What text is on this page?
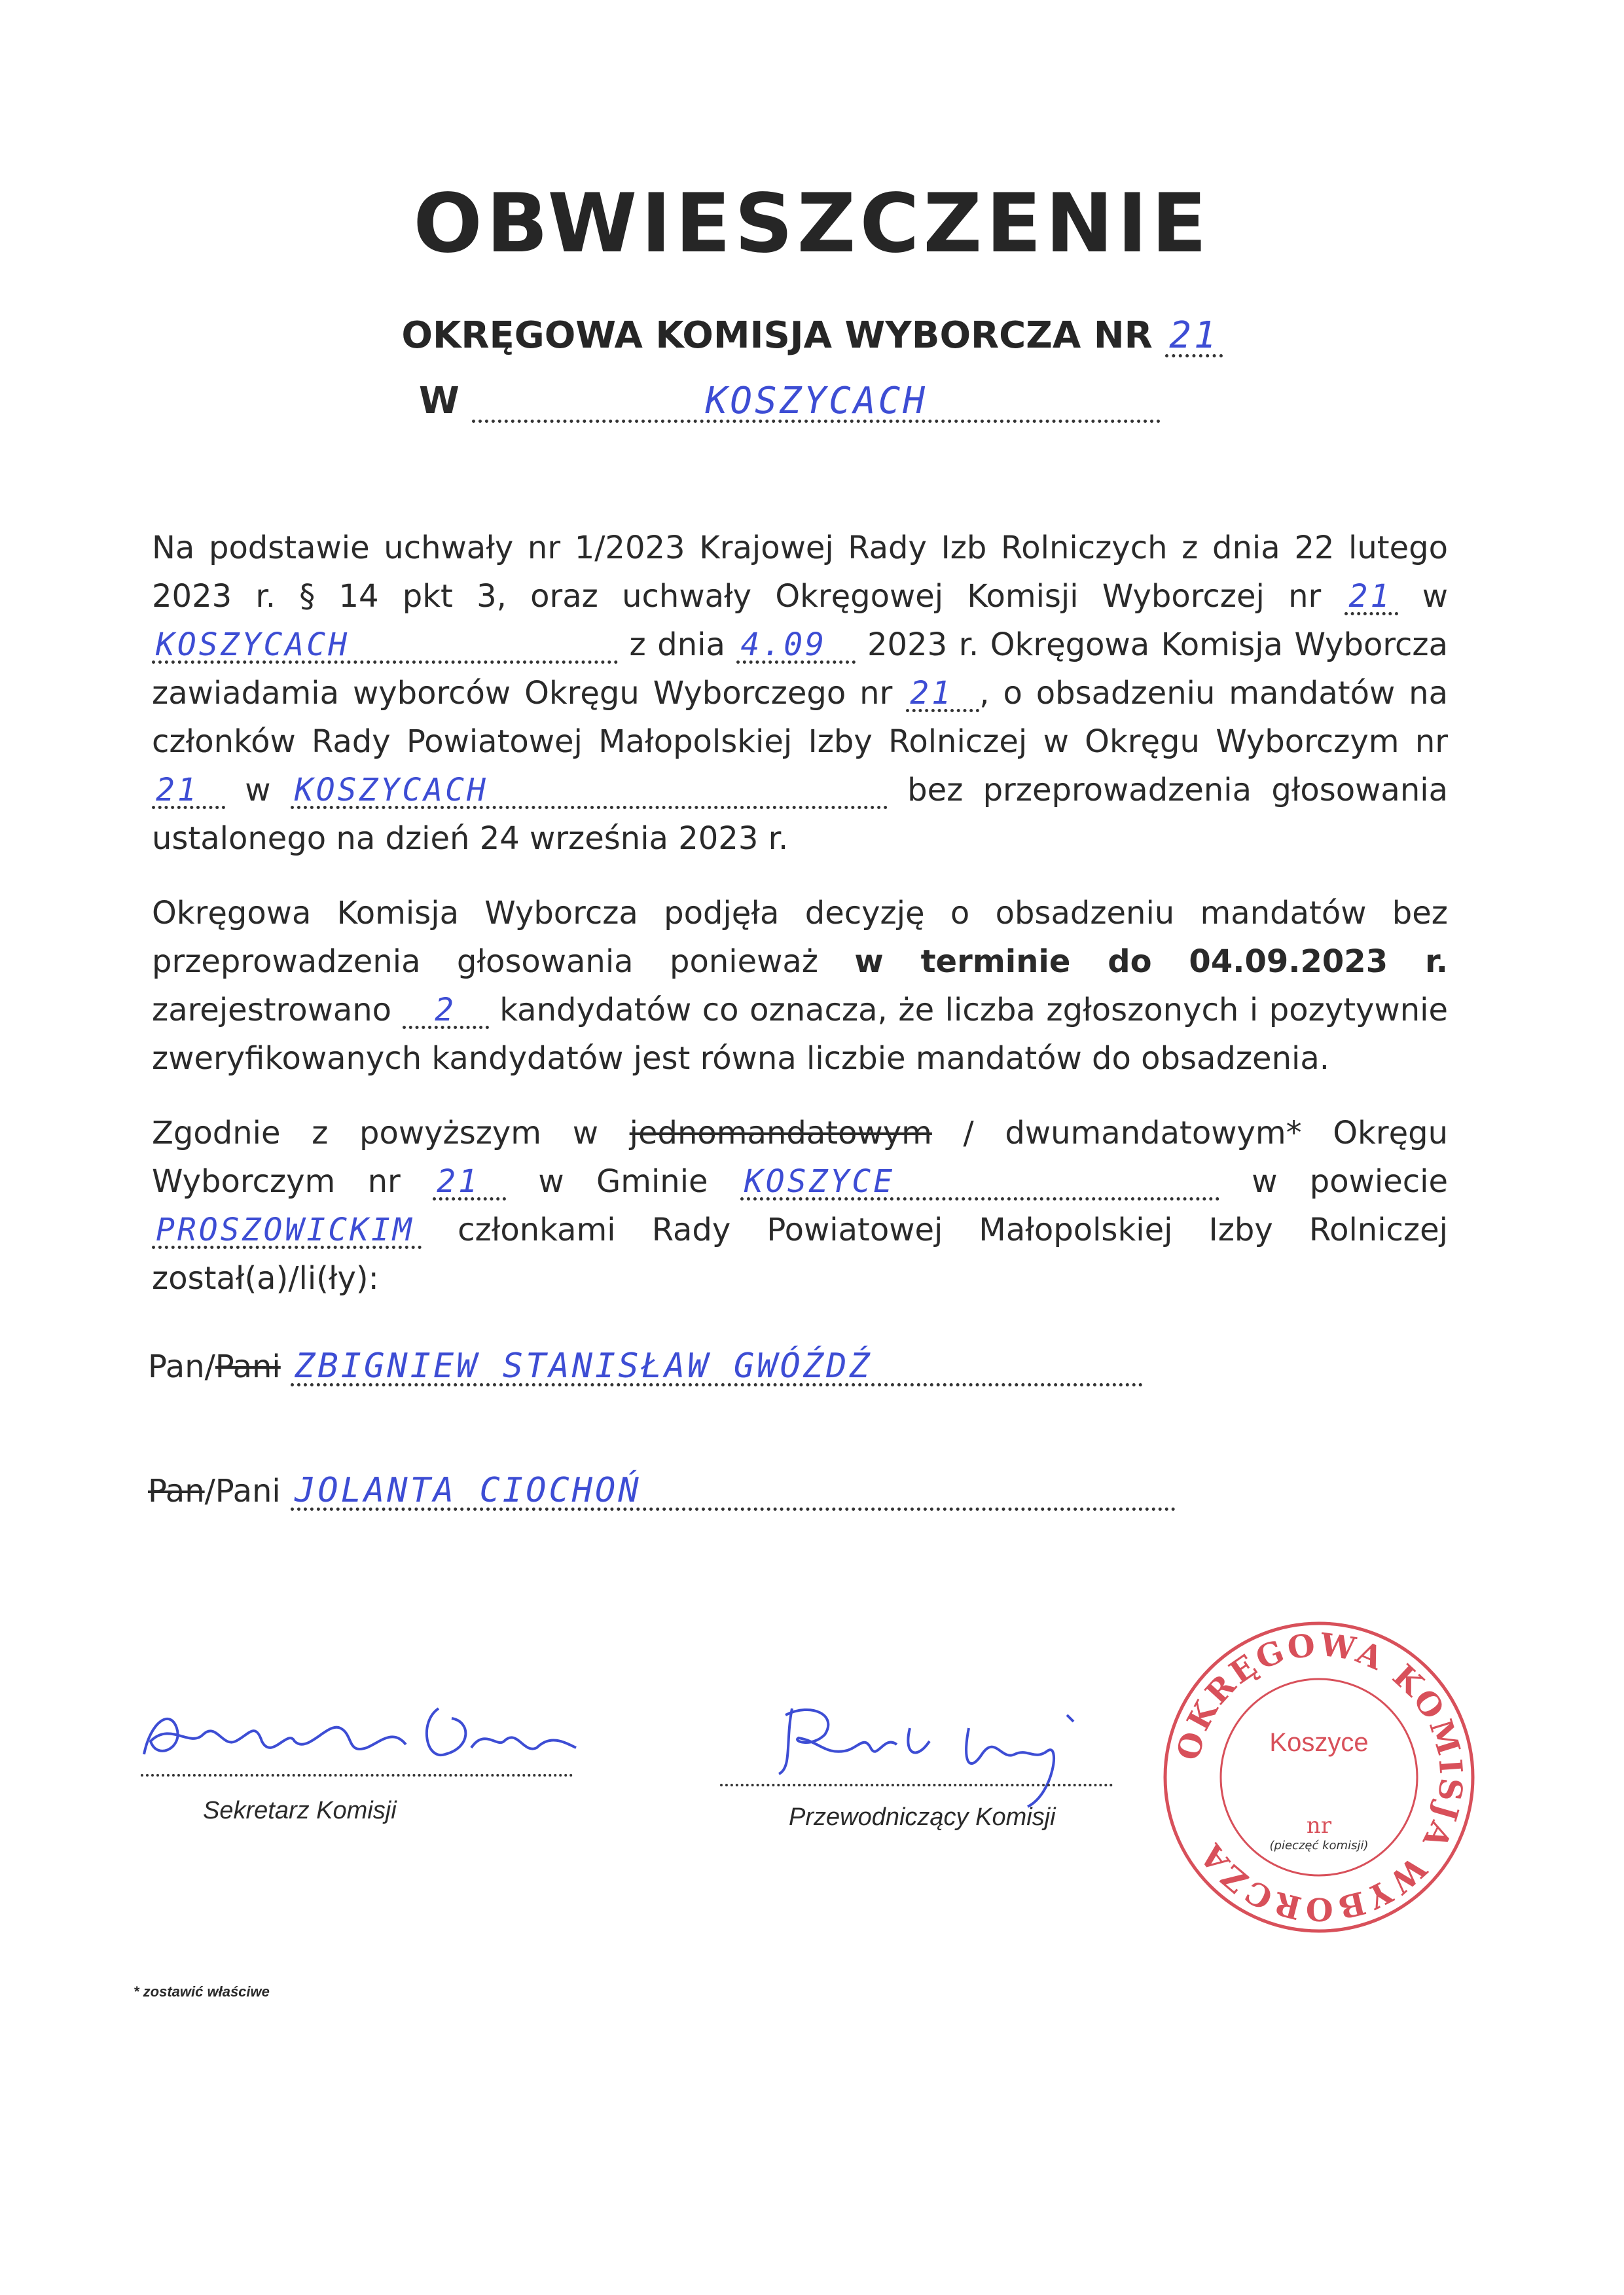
OBWIESZCZENIE
OKRĘGOWA KOMISJA WYBORCZA NR 21
W	KOSZYCACH

Na podstawie uchwały nr 1/2023 Krajowej Rady Izb Rolniczych z dnia 22 lutego 2023 r. § 14 pkt 3, oraz uchwały Okręgowej Komisji Wyborczej nr 21 w KOSZYCACH	z dnia 4.09 2023 r. Okręgowa Komisja Wyborcza zawiadamia wyborców Okręgu Wyborczego nr 21 , o obsadzeniu mandatów na członków Rady Powiatowej Małopolskiej Izby Rolniczej w Okręgu Wyborczym nr 21 w KOSZYCACH	bez przeprowadzenia głosowania ustalonego na dzień 24 września 2023 r.

Okręgowa Komisja Wyborcza podjęła decyzję o obsadzeniu mandatów bez przeprowadzenia głosowania ponieważ w terminie do 04.09.2023 r. zarejestrowano 2 kandydatów co oznacza, że liczba zgłoszonych i pozytywnie zweryfikowanych kandydatów jest równa liczbie mandatów do obsadzenia.

Zgodnie z powyższym w jednomandatowym / dwumandatowym* Okręgu Wyborczym nr 21 w Gminie KOSZYCE	w powiecie PROSZOWICKIM członkami Rady Powiatowej Małopolskiej Izby Rolniczej został(a)/li(ły):

Pan/Pani ZBIGNIEW STANISŁAW GWÓŹDŹ
Pan/Pani JOLANTA CIOCHOŃ
Sekretarz Komisji	Przewodniczący Komisji
OKRĘGOWA KOMISJA WYBORCZA
nr
(pieczęć komisji)
Koszyce
* zostawić właściwe
